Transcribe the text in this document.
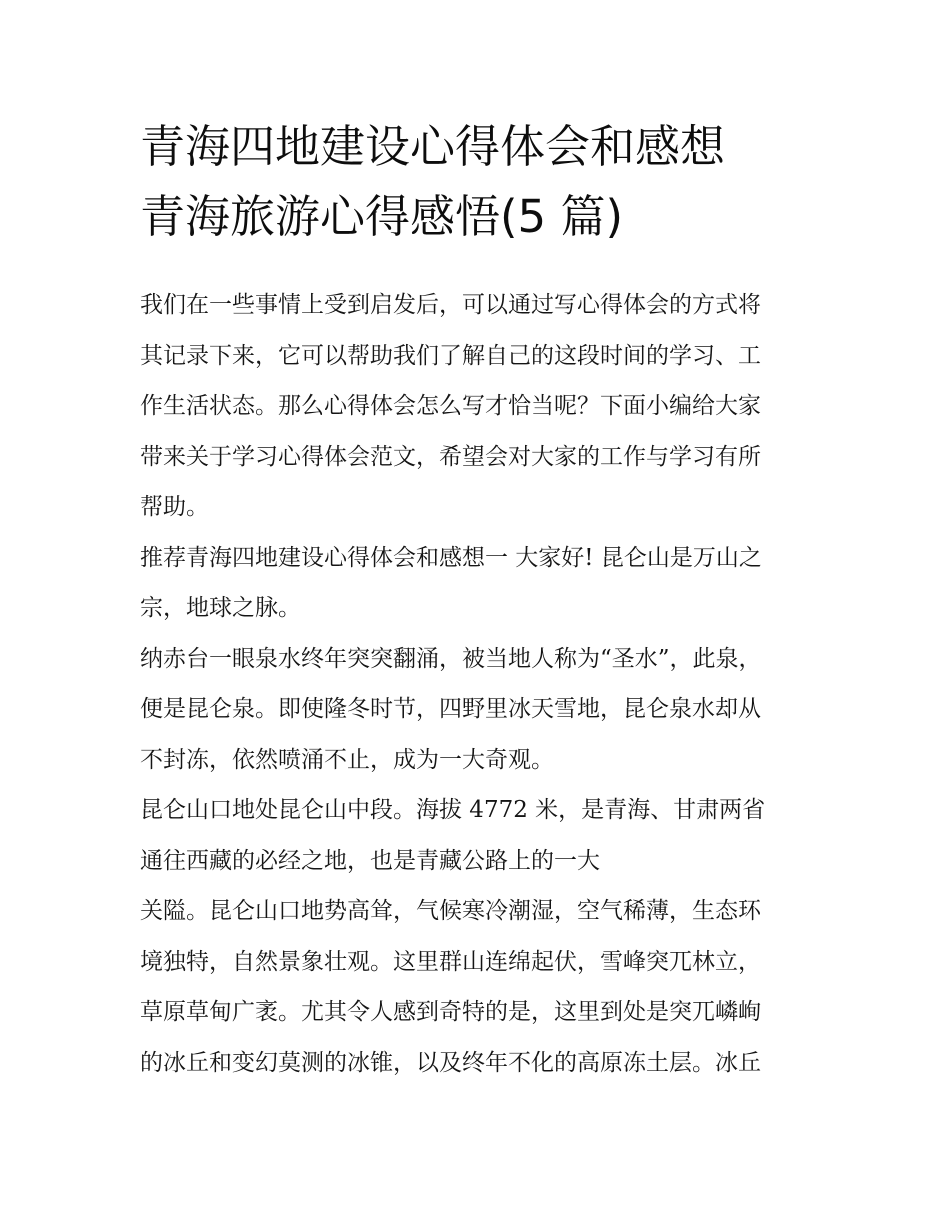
青海四地建设心得体会和感想
青海旅游心得感悟(5 篇)

我们在一些事情上受到启发后，可以通过写心得体会的方式将
其记录下来，它可以帮助我们了解自己的这段时间的学习、工
作生活状态。那么心得体会怎么写才恰当呢？下面小编给大家
带来关于学习心得体会范文，希望会对大家的工作与学习有所
帮助。

推荐青海四地建设心得体会和感想一 大家好! 昆仑山是万山之
宗，地球之脉。

纳赤台一眼泉水终年突突翻涌，被当地人称为“圣水”，此泉，
便是昆仑泉。即使隆冬时节，四野里冰天雪地，昆仑泉水却从
不封冻，依然喷涌不止，成为一大奇观。

昆仑山口地处昆仑山中段。海拔 4772 米，是青海、甘肃两省
通往西藏的必经之地，也是青藏公路上的一大

关隘。昆仑山口地势高耸，气候寒冷潮湿，空气稀薄，生态环
境独特，自然景象壮观。这里群山连绵起伏，雪峰突兀林立，
草原草甸广袤。尤其令人感到奇特的是，这里到处是突兀嶙峋
的冰丘和变幻莫测的冰锥，以及终年不化的高原冻土层。冰丘
